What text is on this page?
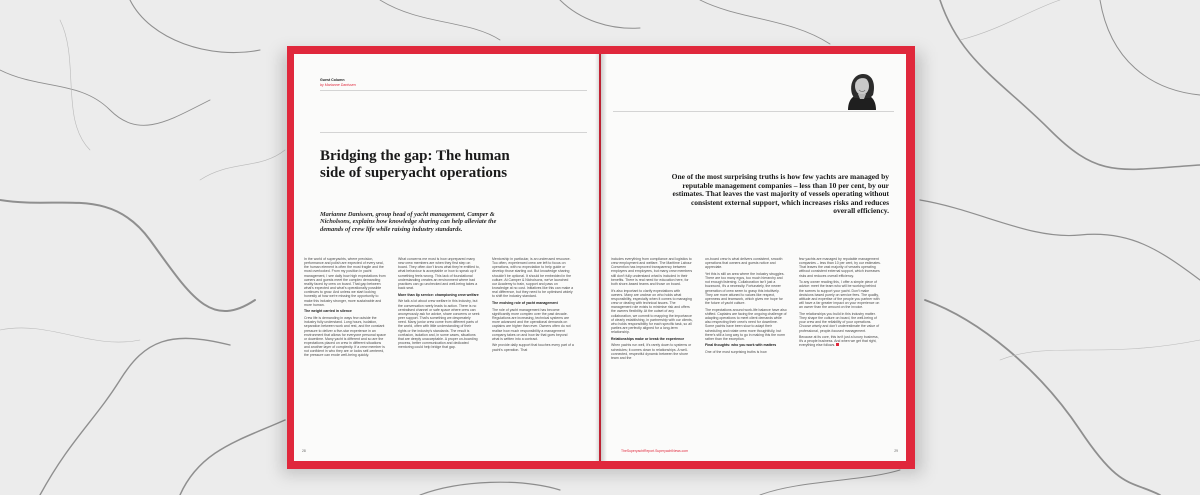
Guest Column
by Marianne Danissen
Bridging the gap: The human side of superyacht operations

Marianne Danissen, group head of yacht management, Camper & Nicholsons, explains how knowledge sharing can help alleviate the demands of crew life while raising industry standards.

In the world of superyachts, where precision, performance and polish are expected of every seal, the human element is often the most fragile and the most overlooked. From my position in yacht management, I see daily how high expectations from owners and guests meet the complex demanding reality faced by crew on board. That gap between what's expected and what's operationally possible continues to grow. And unless we start looking honestly at how we're missing the opportunity to make this industry stronger, more sustainable and more human.

The weight carried in silence

Crew life is demanding in ways few outside the industry fully understand. Long hours, isolation, separation between work and rest, and the constant pressure to deliver a five-star experience in an environment that allows for everyone personal space or downtime. Many yacht is different and so are the expectations placed on crew in different situations and another layer of complexity. If a crew member is not confident in who they are or looks self-centered, the pressure can erode well-being quickly.

What concerns me most is how unprepared many new crew members are when they first step on board. They often don't know what they're entitled to, what behaviour is acceptable or how to speak up if something feels wrong. This lack of foundational understanding creates an environment where bad practices can go unchecked and well-being takes a back seat.

More than lip service: championing crew welfare

We talk a lot about crew welfare in this industry, but the conversation rarely leads to action. There is no centralised channel or safe space where crew can anonymously ask for advice, share concerns or seek peer support. That's something we desperately need. Many junior crew come from different parts of the world, often with little understanding of their rights or the industry's standards. The result is confusion, isolation and, in some cases, situations that are deeply unacceptable. A proper on-boarding process, better communication and dedicated mentoring could help bridge that gap.

Mentorship in particular, is an underused resource. Too often, experienced crew are left to focus on operations, with no expectation to help guide or develop those starting out. But knowledge sharing shouldn't be optional. It should be embedded in the culture. At Camper & Nicholsons, we've launched our Academy to train, support and pass on knowledge at no cost. Initiatives like this can make a real difference, but they need to be optimised widely to shift the industry standard.

The evolving role of yacht management

The role of yacht management has become significantly more complex over the past decade. Regulations are increasing, technical systems are more advanced and the operational demands on captains are higher than ever. Owners often do not realise how much responsibility a management company takes on and how far that goes beyond what is written into a contract.

We provide daily support that touches every part of a yacht's operation. That

28

One of the most surprising truths is how few yachts are managed by reputable management companies – less than 10 per cent, by our estimates. That leaves the vast majority of vessels operating without consistent external support, which increases risks and reduces overall efficiency.

includes everything from compliance and logistics to crew employment and welfare. The Maritime Labour Convention has improved transparency between employers and employees, but many crew members still don't fully understand what is included in their benefits. There is real need for education here, for both shore-based teams and those on board.

It's also important to clarify expectations with owners. Many are unclear on who holds what responsibility, especially when it comes to managing crew or dealing with technical issues. The management role exists to minimise risk and offers the owners flexibility. At the outset of any collaboration, we commit to mapping the importance of clearly establishing, in partnership with our clients, who holds responsibility for each specific task, so all parties are perfectly aligned for a long-term relationship.

Relationships make or break the experience

When yachts run well, it's rarely down to systems or schedules; it comes down to relationships. A well-connected, respectful dynamic between the shore team and the

on-board crew is what delivers consistent, smooth operations that owners and guests notice and appreciate.

Yet this is still an area where the industry struggles. There are too many egos, too much hierarchy and not enough listening. Collaboration isn't just a buzzword, it's a necessity. Fortunately, the newer generation of crew seem to grasp this intuitively. They are more attuned to values like respect, openness and teamwork, which gives me hope for the future of yacht culture.

The expectations around work-life balance have also shifted. Captains are facing the ongoing challenge of adapting operations to meet client demands while also respecting their crew's need for downtime. Some yachts have been slow to adapt their scheduling and rotate crew more thoughtfully, but there's still a long way to go in making this the norm rather than the exception.

Final thoughts: who you work with matters

One of the most surprising truths is how

few yachts are managed by reputable management companies – less than 10 per cent, by our estimates. That leaves the vast majority of vessels operating without consistent external support, which increases risks and reduces overall efficiency.

To any owner reading this, I offer a simple piece of advice: meet the team who will be working behind the scenes to support your yacht. Don't make decisions based purely on service fees. The quality, attitude and expertise of the people you partner with will have a far greater impact on your experience on an owner than the amount on the invoice.

The relationships you build in this industry matter. They shape the culture on board, the well-being of your crew and the reliability of your operations. Choose wisely and don't underestimate the value of professional, people-focused management.

Because at its core, this isn't just a luxury business, it's a people business. And when we get that right, everything else follows.

TheSuperyachtReport.SuperyachtNews.com	29
